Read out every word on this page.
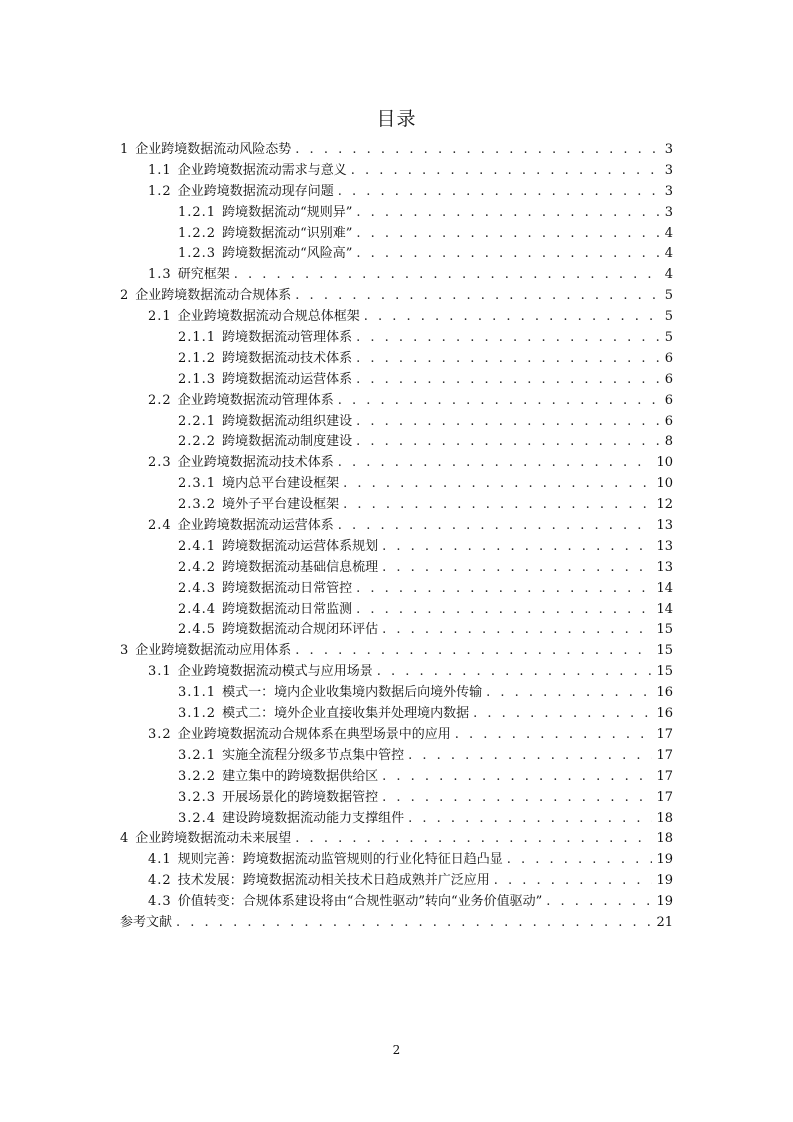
目录
1 企业跨境数据流动风险态势 . . .	3
1.1 企业跨境数据流动需求与意义 . . .	3
1.2 企业跨境数据流动现存问题 . . .	3
1.2.1 跨境数据流动“规则异” . . .	3
1.2.2 跨境数据流动“识别难” . . .	4
1.2.3 跨境数据流动“风险高” . . .	4
1.3 研究框架 . . .	4
2 企业跨境数据流动合规体系 . . .	5
2.1 企业跨境数据流动合规总体框架 . . .	5
2.1.1 跨境数据流动管理体系 . . .	5
2.1.2 跨境数据流动技术体系 . . .	6
2.1.3 跨境数据流动运营体系 . . .	6
2.2 企业跨境数据流动管理体系 . . .	6
2.2.1 跨境数据流动组织建设 . . .	6
2.2.2 跨境数据流动制度建设 . . .	8
2.3 企业跨境数据流动技术体系 . . .	10
2.3.1 境内总平台建设框架 . . .	10
2.3.2 境外子平台建设框架 . . .	12
2.4 企业跨境数据流动运营体系 . . .	13
2.4.1 跨境数据流动运营体系规划 . . .	13
2.4.2 跨境数据流动基础信息梳理 . . .	13
2.4.3 跨境数据流动日常管控 . . .	14
2.4.4 跨境数据流动日常监测 . . .	14
2.4.5 跨境数据流动合规闭环评估 . . .	15
3 企业跨境数据流动应用体系 . . .	15
3.1 企业跨境数据流动模式与应用场景 . . .	15
3.1.1 模式一：境内企业收集境内数据后向境外传输 . . .	16
3.1.2 模式二：境外企业直接收集并处理境内数据 . . .	16
3.2 企业跨境数据流动合规体系在典型场景中的应用 . . .	17
3.2.1 实施全流程分级多节点集中管控 . . .	17
3.2.2 建立集中的跨境数据供给区 . . .	17
3.2.3 开展场景化的跨境数据管控 . . .	17
3.2.4 建设跨境数据流动能力支撑组件 . . .	18
4 企业跨境数据流动未来展望 . . .	18
4.1 规则完善：跨境数据流动监管规则的行业化特征日趋凸显 . . .	19
4.2 技术发展：跨境数据流动相关技术日趋成熟并广泛应用 . . .	19
4.3 价值转变：合规体系建设将由“合规性驱动”转向“业务价值驱动” . . .	19
参考文献 . . .	21
2
